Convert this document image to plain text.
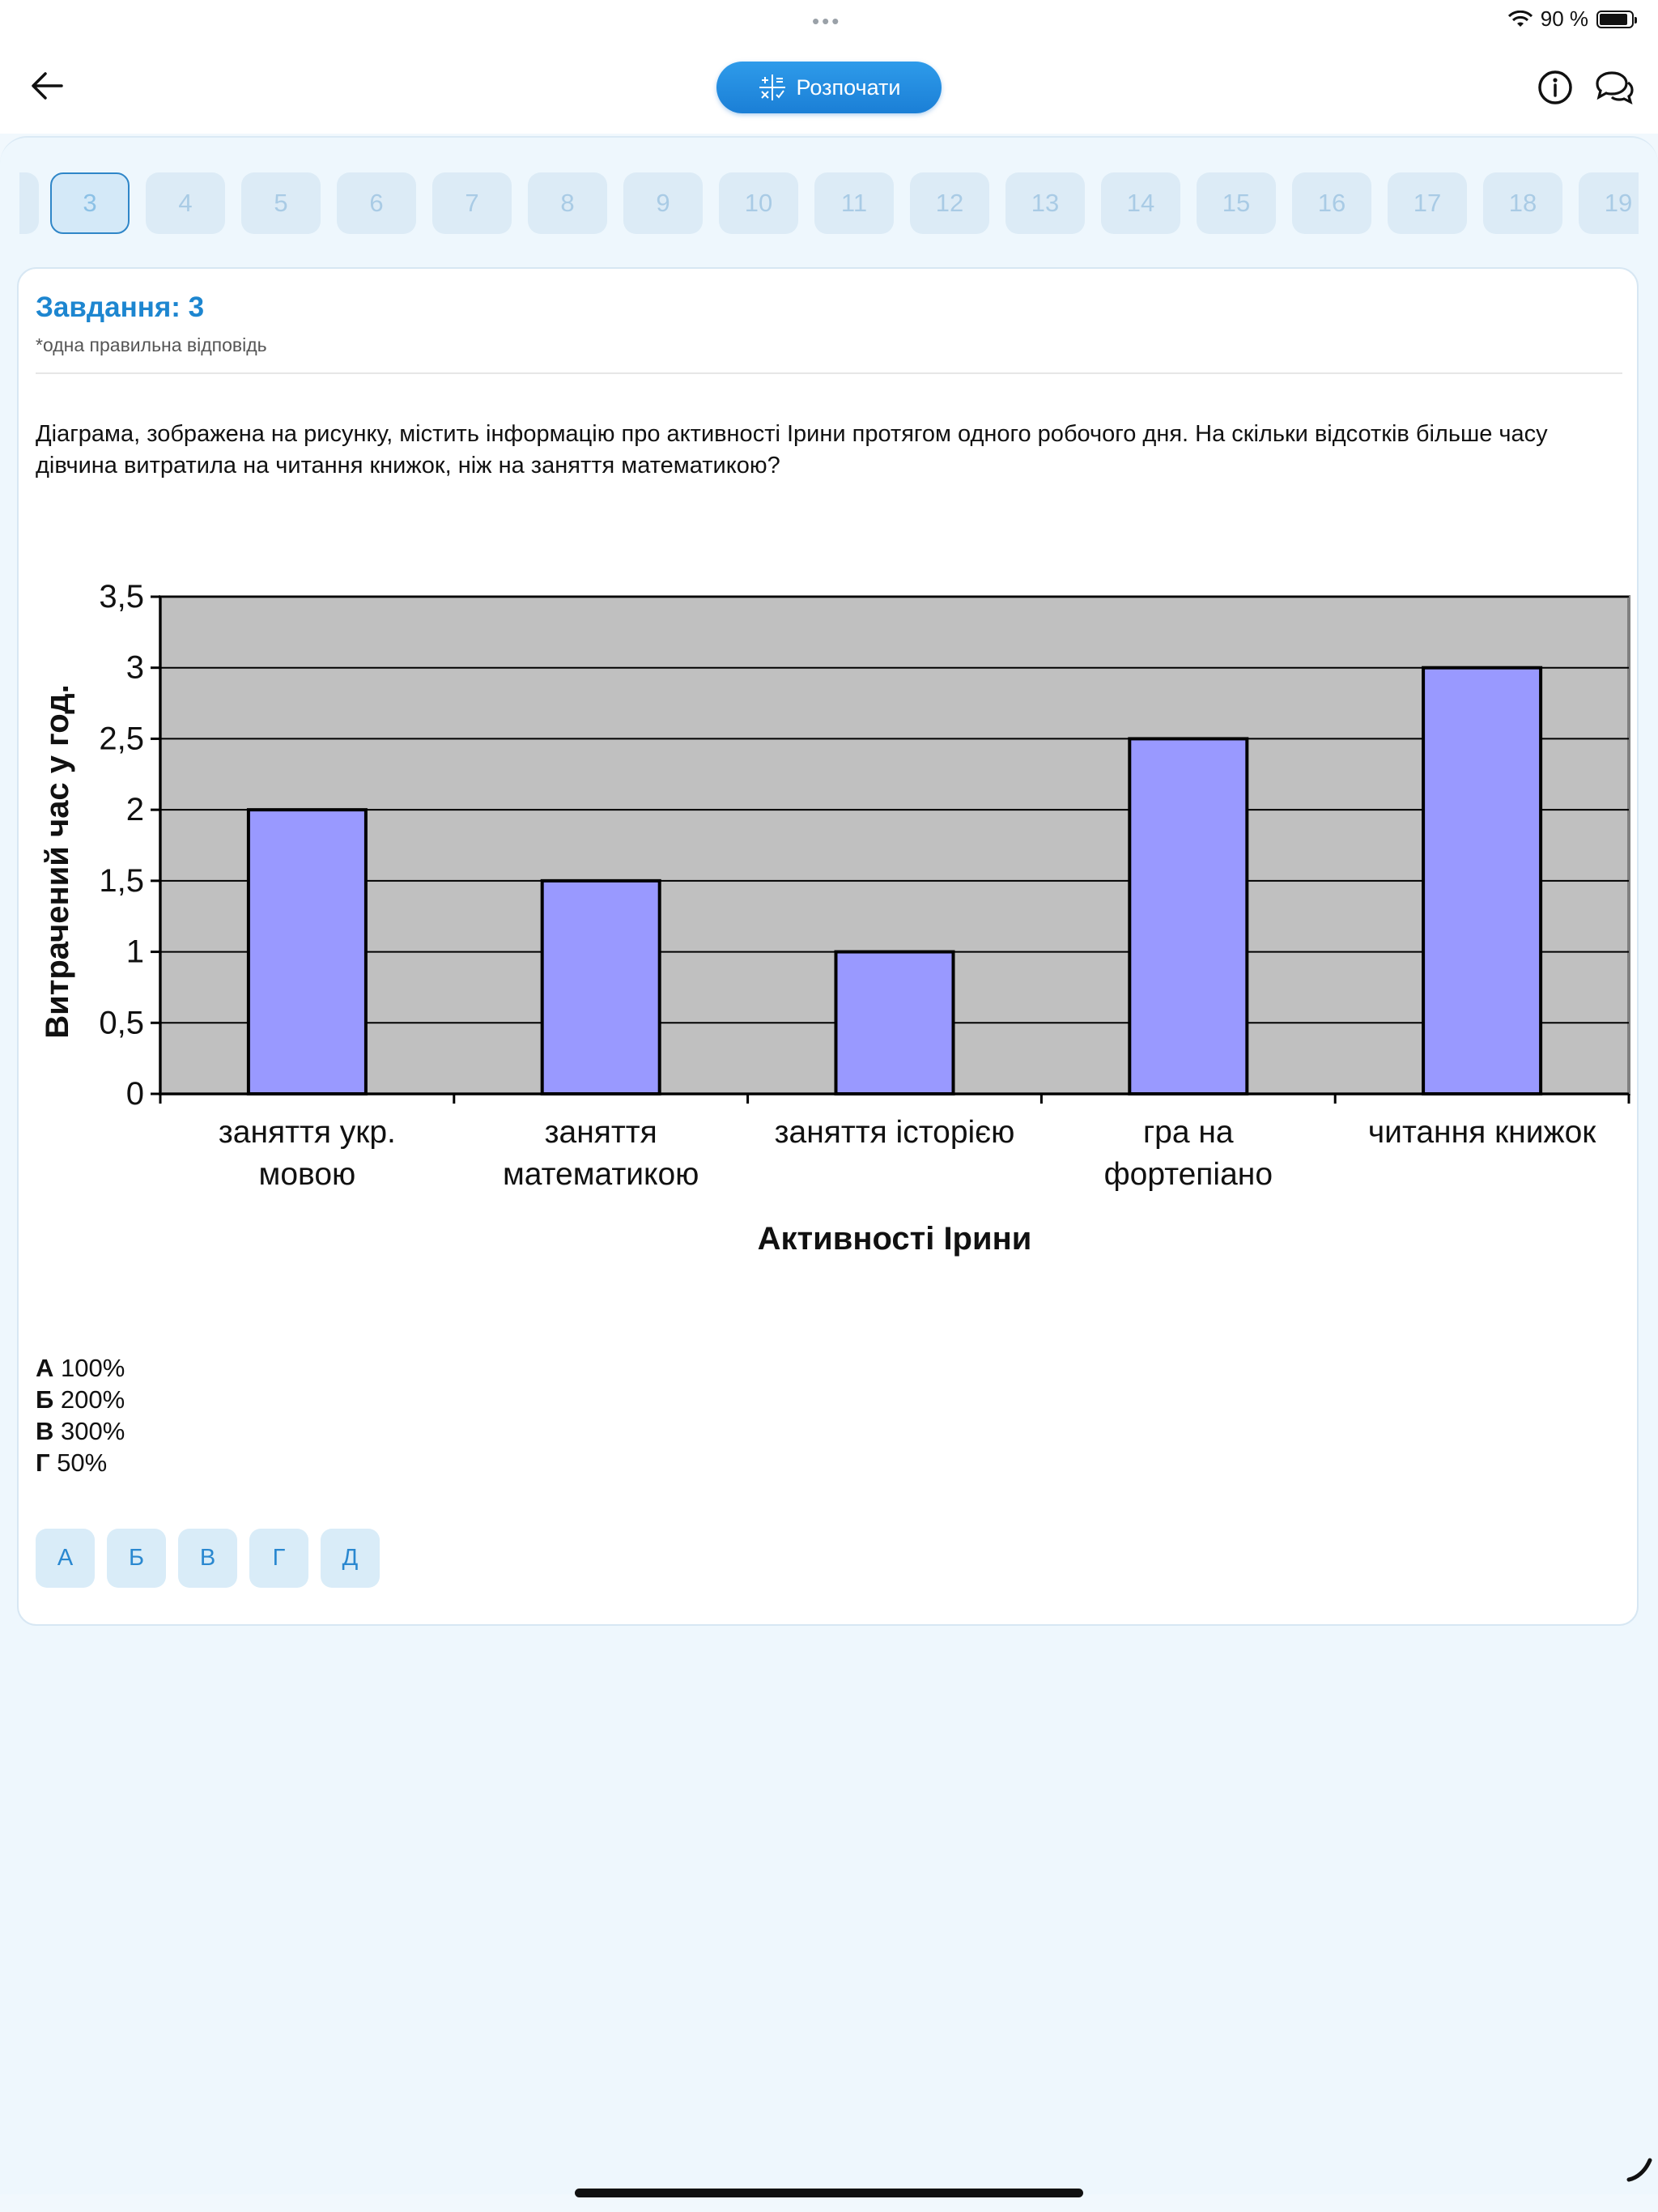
•••	90 %
Розпочати
3	4	5	6	7	8	9	10	11	12	13	14	15	16	17	18	19
Завдання: 3
*одна правильна відповідь
Діаграма, зображена на рисунку, містить інформацію про активності Ірини протягом одного робочого дня. На скільки відсотків більше часу дівчина витратила на читання книжок, ніж на заняття математикою?
0
0,5
1
1,5
2
2,5
3
3,5
заняття укр.
мовою
заняття
математикою
заняття історією	гра на
фортепіано
читання книжок
Активності Ірини
Витрачений час у год.
А 100%
Б 200%
В 300%
Г 50%
А	Б	В	Г	Д
